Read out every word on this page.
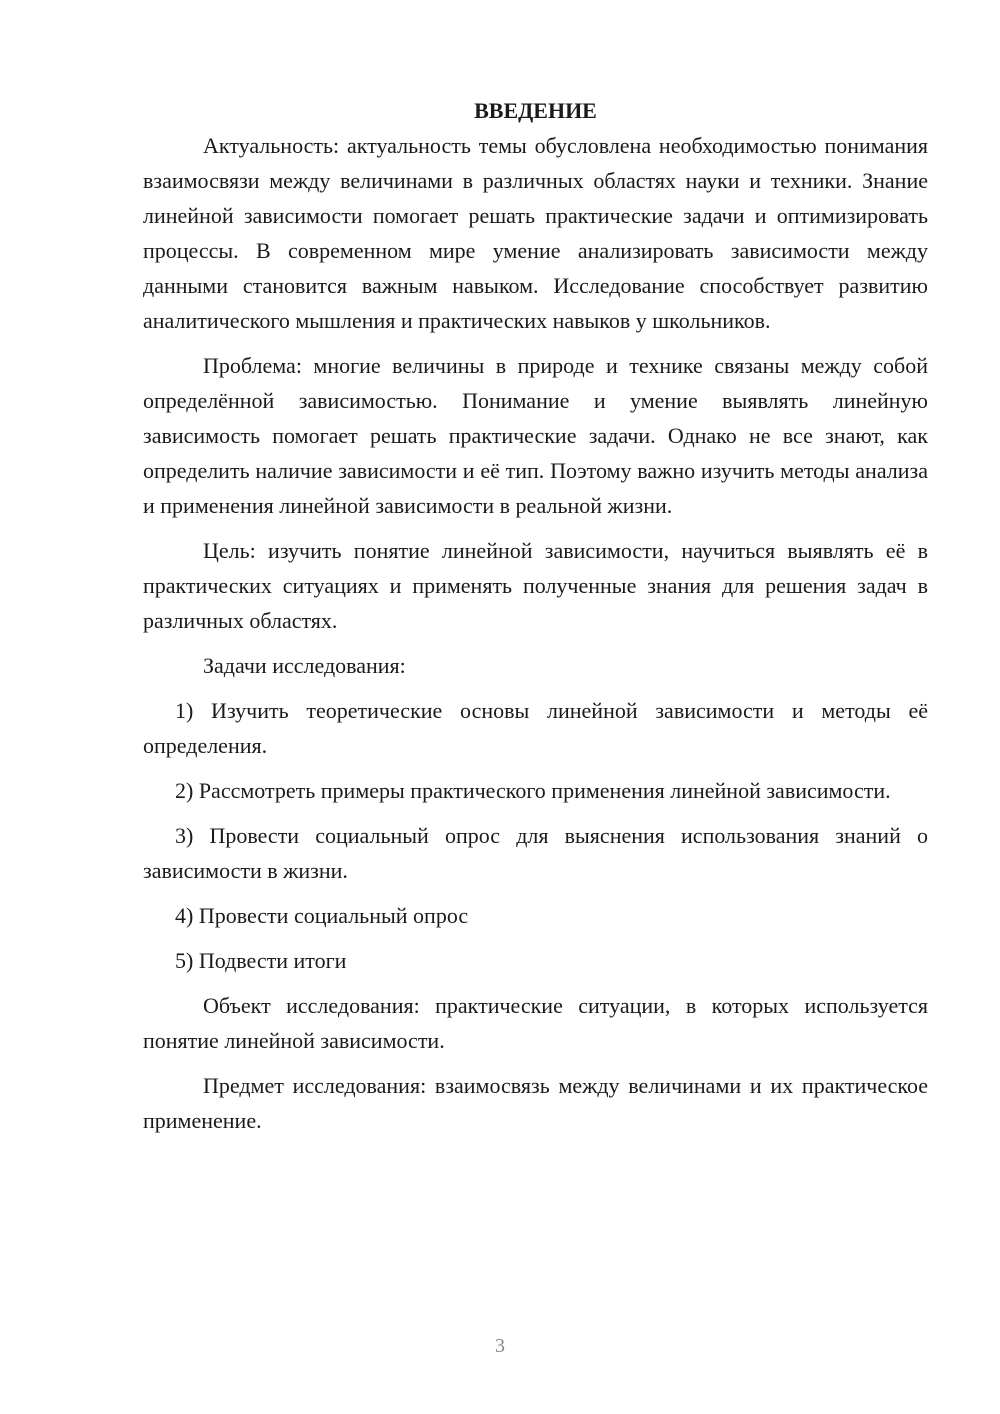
ВВЕДЕНИЕ

Актуальность: актуальность темы обусловлена необходимостью понимания взаимосвязи между величинами в различных областях науки и техники. Знание линейной зависимости помогает решать практические задачи и оптимизировать процессы. В современном мире умение анализировать зависимости между данными становится важным навыком. Исследование способствует развитию аналитического мышления и практических навыков у школьников.

Проблема: многие величины в природе и технике связаны между собой определённой зависимостью. Понимание и умение выявлять линейную зависимость помогает решать практические задачи. Однако не все знают, как определить наличие зависимости и её тип. Поэтому важно изучить методы анализа и применения линейной зависимости в реальной жизни.

Цель: изучить понятие линейной зависимости, научиться выявлять её в практических ситуациях и применять полученные знания для решения задач в различных областях.

Задачи исследования:

1) Изучить теоретические основы линейной зависимости и методы её определения.

2) Рассмотреть примеры практического применения линейной зависимости.

3) Провести социальный опрос для выяснения использования знаний о зависимости в жизни.

4) Провести социальный опрос

5) Подвести итоги

Объект исследования: практические ситуации, в которых используется понятие линейной зависимости.

Предмет исследования: взаимосвязь между величинами и их практическое применение.

3
